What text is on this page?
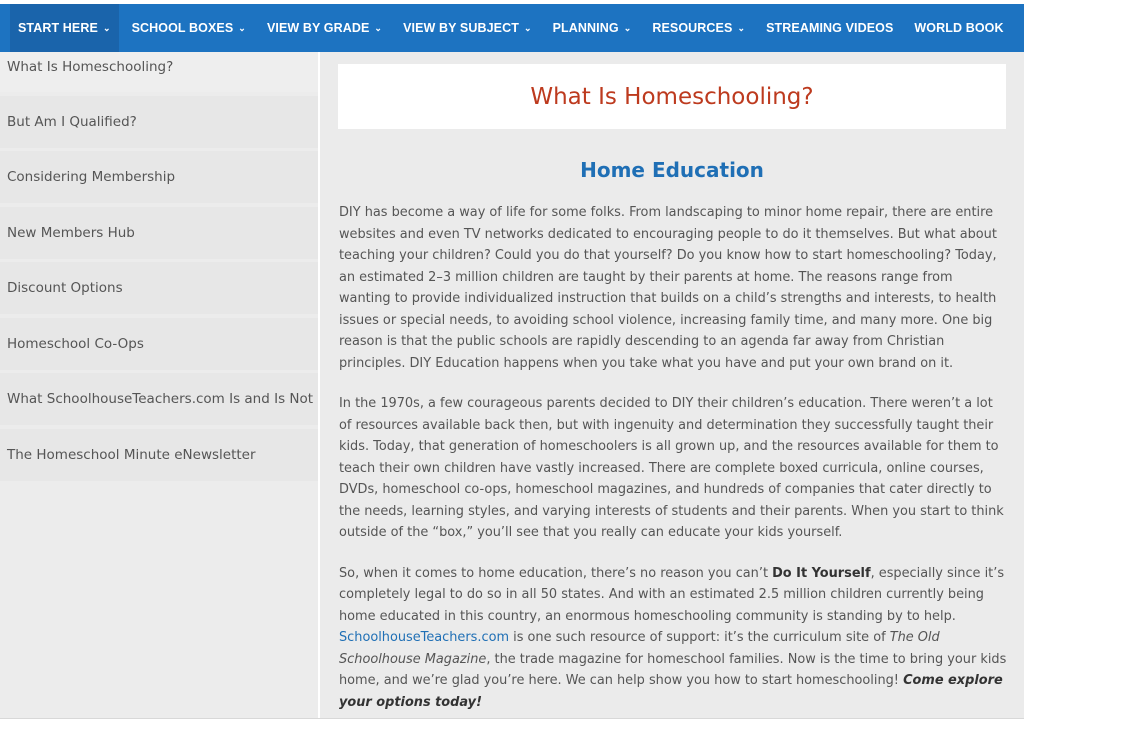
START HERE ⌄ SCHOOL BOXES ⌄ VIEW BY GRADE ⌄ VIEW BY SUBJECT ⌄ PLANNING ⌄ RESOURCES ⌄ STREAMING VIDEOS WORLD BOOK ALL COURSES
What Is Homeschooling?
But Am I Qualified?
Considering Membership
New Members Hub
Discount Options
Homeschool Co-Ops
What SchoolhouseTeachers.com Is and Is Not
The Homeschool Minute eNewsletter
What Is Homeschooling?
Home Education

DIY has become a way of life for some folks. From landscaping to minor home repair, there are entire websites and even TV networks dedicated to encouraging people to do it themselves. But what about teaching your children? Could you do that yourself? Do you know how to start homeschooling? Today, an estimated 2–3 million children are taught by their parents at home. The reasons range from wanting to provide individualized instruction that builds on a child’s strengths and interests, to health issues or special needs, to avoiding school violence, increasing family time, and many more. One big reason is that the public schools are rapidly descending to an agenda far away from Christian principles. DIY Education happens when you take what you have and put your own brand on it.

In the 1970s, a few courageous parents decided to DIY their children’s education. There weren’t a lot of resources available back then, but with ingenuity and determination they successfully taught their kids. Today, that generation of homeschoolers is all grown up, and the resources available for them to teach their own children have vastly increased. There are complete boxed curricula, online courses, DVDs, homeschool co-ops, homeschool magazines, and hundreds of companies that cater directly to the needs, learning styles, and varying interests of students and their parents. When you start to think outside of the “box,” you’ll see that you really can educate your kids yourself.

So, when it comes to home education, there’s no reason you can’t Do It Yourself, especially since it’s completely legal to do so in all 50 states. And with an estimated 2.5 million children currently being home educated in this country, an enormous homeschooling community is standing by to help. SchoolhouseTeachers.com is one such resource of support: it’s the curriculum site of The Old Schoolhouse Magazine, the trade magazine for homeschool families. Now is the time to bring your kids home, and we’re glad you’re here. We can help show you how to start homeschooling! Come explore your options today!
